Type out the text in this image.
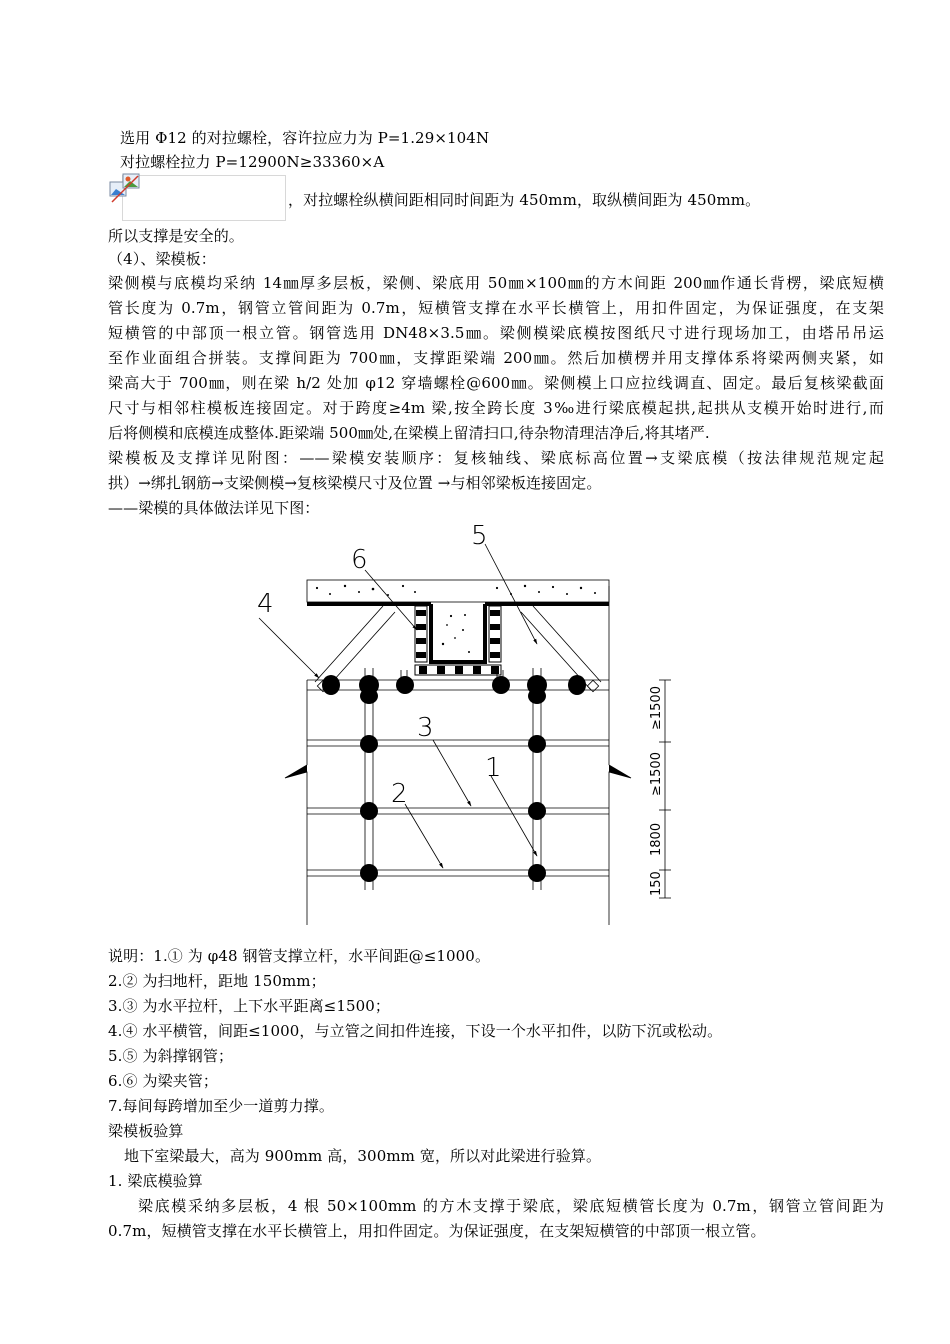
选用 Φ12 的对拉螺栓，容许拉应力为 P=1.29×104N
对拉螺栓拉力 P=12900N≥33360×A
，对拉螺栓纵横间距相同时间距为 450mm，取纵横间距为 450mm。
所以支撑是安全的。
（4）、梁模板：
梁侧模与底模均采纳 14㎜厚多层板，梁侧、梁底用 50㎜×100㎜的方木间距 200㎜作通长背楞，梁底短横
管长度为 0.7m，钢管立管间距为 0.7m，短横管支撑在水平长横管上，用扣件固定，为保证强度，在支架
短横管的中部顶一根立管。钢管选用 DN48×3.5㎜。梁侧模梁底模按图纸尺寸进行现场加工，由塔吊吊运
至作业面组合拼装。支撑间距为 700㎜，支撑距梁端 200㎜。然后加横楞并用支撑体系将梁两侧夹紧，如
梁高大于 700㎜，则在梁 h/2 处加 φ12 穿墙螺栓@600㎜。梁侧模上口应拉线调直、固定。最后复核梁截面
尺寸与相邻柱模板连接固定。对于跨度≥4m 梁,按全跨长度 3‰进行梁底模起拱,起拱从支模开始时进行,而
后将侧模和底模连成整体.距梁端 500㎜处,在梁模上留清扫口,待杂物清理洁净后,将其堵严.
梁模板及支撑详见附图：——梁模安装顺序：复核轴线、梁底标高位置→支梁底模（按法律规范规定起
拱）→绑扎钢筋→支梁侧模→复核梁模尺寸及位置 →与相邻梁板连接固定。
——梁模的具体做法详见下图：
4
6
5
3
2
1
≥1500
≥1500
1800
150
说明：1.① 为 φ48 钢管支撑立杆，水平间距@≤1000。
2.② 为扫地杆，距地 150mm；
3.③ 为水平拉杆，上下水平距离≤1500；
4.④ 水平横管，间距≤1000，与立管之间扣件连接，下设一个水平扣件，以防下沉或松动。
5.⑤ 为斜撑钢管；
6.⑥ 为梁夹管；
7.每间每跨增加至少一道剪力撑。
梁模板验算
地下室梁最大，高为 900mm 高，300mm 宽，所以对此梁进行验算。
1. 梁底模验算
梁底模采纳多层板，4 根 50×100mm 的方木支撑于梁底，梁底短横管长度为 0.7m，钢管立管间距为
0.7m，短横管支撑在水平长横管上，用扣件固定。为保证强度，在支架短横管的中部顶一根立管。
